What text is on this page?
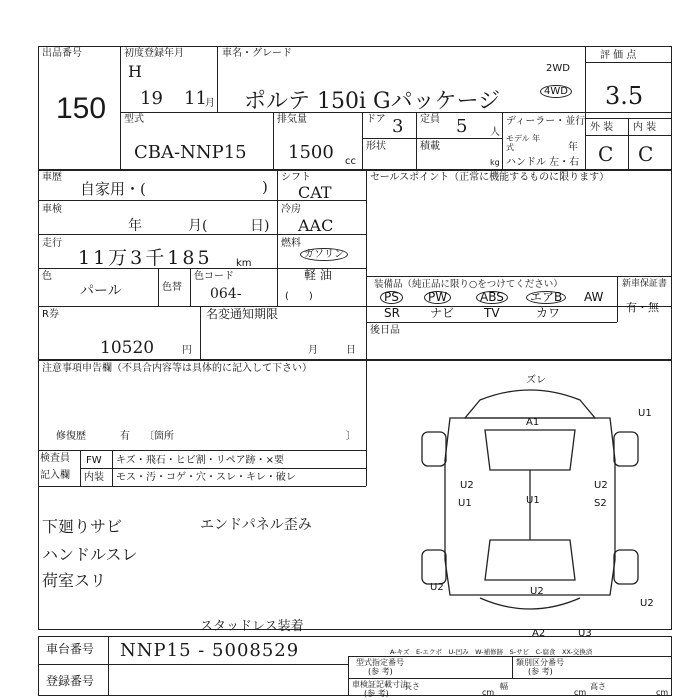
出品番号
150
初度登録年月
H
19 11
月
車名・グレード
ポルテ 150i Gパッケージ
2WD
4WD
評 価 点
3.5
型式
CBA-NNP15
排気量
1500 cc
ドア 3 定員 5 人
形状	積載
kg
ディーラー・並行
モデル 年式	年
ハンドル 左・右
外 装 内 装
C C
車歴
自家用・(	)
車検
年	月(	日)
走行
11万3千185 km
色
パール	色替
色コード
064-
シフト
CAT
冷房
AAC
燃料
ガソリン
軽 油
(　　)
セールスポイント（正常に機能するものに限ります）
装備品（純正品に限り○をつけてください）	新車保証書
有・無
PS	PW	ABS	エアB	AW
SR	ナビ TV	カワ
後日品
R券
10520	円
名変通知期限
月	日
注意事項申告欄（不具合内容等は具体的に記入して下さい）
修復歴	有 〔箇所	〕
検査員
記入欄
FW キズ・飛石・ヒビ割・リペア跡・×要
内装 モス・汚・コゲ・穴・スレ・キレ・破レ
下廻りサビ
ハンドルスレ
荷室スリ
エンドパネル歪み
スタッドレス装着
ズレ
U1
A1
U1
U2	U2
U1	S2
U2
U2
A2	U3
U2
A-キズ　E-エクボ　U-凹み　W-補修跡　S-サビ　C-腐食　XX-交換済
車台番号 NNP15 - 5008529
登録番号
型式指定番号
(参 考)
類別区分番号
(参 考)
車検証記載寸法
(参 考)
長さ
cm
幅
cm
高さ
cm
